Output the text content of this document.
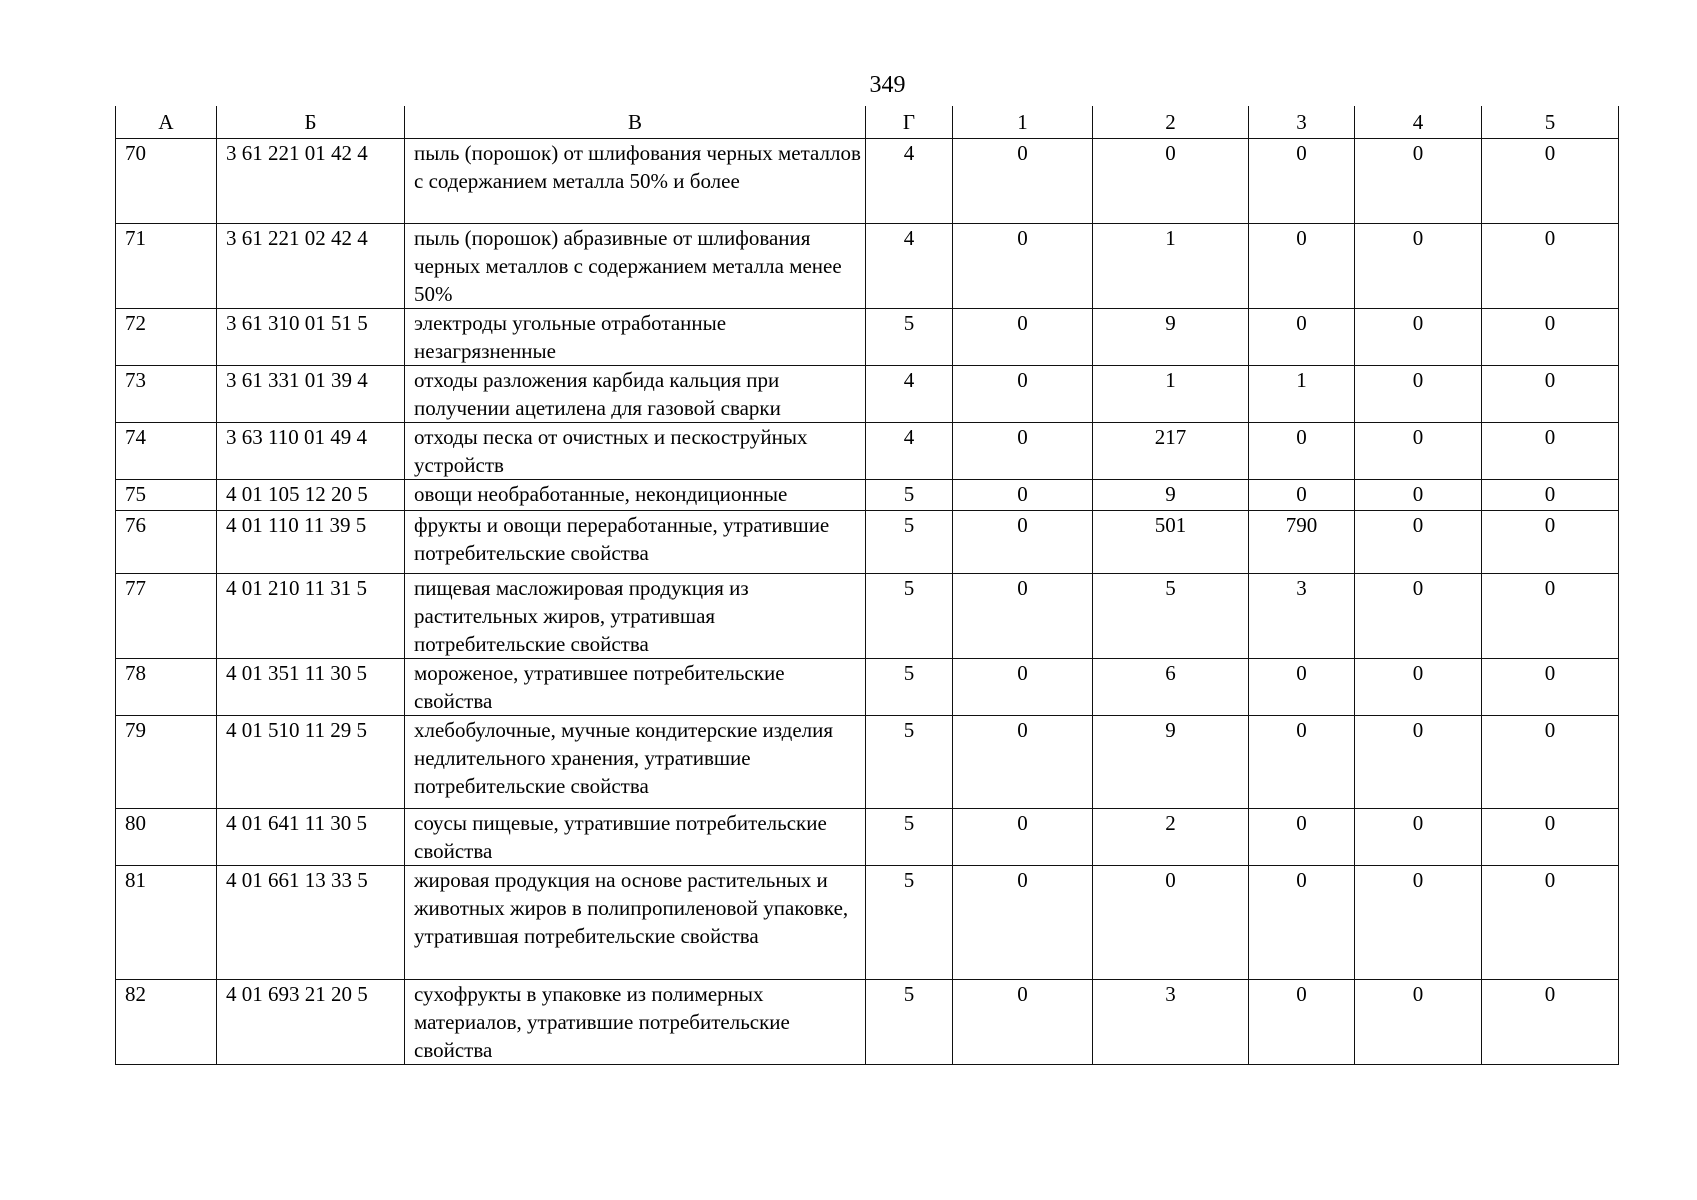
349
А	Б	В	Г	1	2	3	4	5
70	3 61 221 01 42 4	пыль (порошок) от шлифования черных металлов с содержанием металла 50% и более	4	0	0	0	0	0
71	3 61 221 02 42 4	пыль (порошок) абразивные от шлифования черных металлов с содержанием металла менее 50%	4	0	1	0	0	0
72	3 61 310 01 51 5	электроды угольные отработанные незагрязненные	5	0	9	0	0	0
73	3 61 331 01 39 4	отходы разложения карбида кальция при получении ацетилена для газовой сварки	4	0	1	1	0	0
74	3 63 110 01 49 4	отходы песка от очистных и пескоструйных устройств	4	0	217	0	0	0
75	4 01 105 12 20 5	овощи необработанные, некондиционные	5	0	9	0	0	0
76	4 01 110 11 39 5	фрукты и овощи переработанные, утратившие потребительские свойства	5	0	501	790	0	0
77	4 01 210 11 31 5	пищевая масложировая продукция из растительных жиров, утратившая потребительские свойства	5	0	5	3	0	0
78	4 01 351 11 30 5	мороженое, утратившее потребительские свойства	5	0	6	0	0	0
79	4 01 510 11 29 5	хлебобулочные, мучные кондитерские изделия недлительного хранения, утратившие потребительские свойства	5	0	9	0	0	0
80	4 01 641 11 30 5	соусы пищевые, утратившие потребительские свойства	5	0	2	0	0	0
81	4 01 661 13 33 5	жировая продукция на основе растительных и животных жиров в полипропиленовой упаковке, утратившая потребительские свойства	5	0	0	0	0	0
82	4 01 693 21 20 5	сухофрукты в упаковке из полимерных материалов, утратившие потребительские свойства	5	0	3	0	0	0
